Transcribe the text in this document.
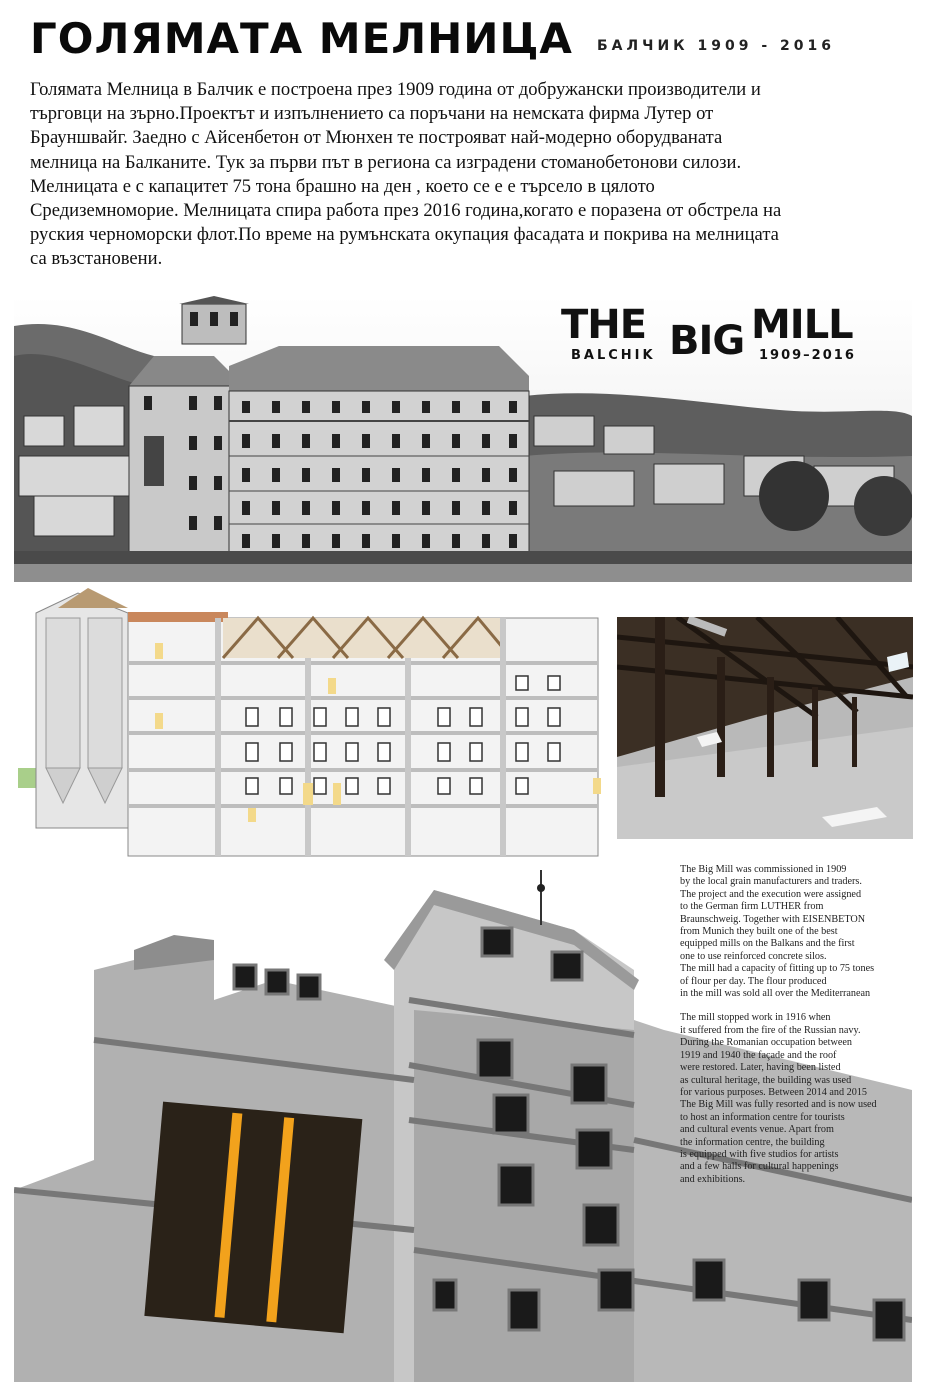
ГОЛЯМАТА МЕЛНИЦА БАЛЧИК 1909 - 2016
Голямата Мелница в Балчик е построена през 1909 година от добружански производители и
търговци на зърно.Проектът и изпълнението са поръчани на немската фирма Лутер от
Брауншвайг. Заедно с Айсенбетон от Мюнхен те построяват най-модерно оборудваната
мелница на Балканите. Тук за първи път в региона са изградени стоманобетонови силози.
Мелницата е с капацитет 75 тона брашно на ден , което се е е търсело в цялото
Средиземноморие. Мелницата спира работа през 2016 година,когато е поразена от обстрела на
руския черноморски флот.По време на румънската окупация фасадата и покрива на мелницата
са възстановени.
THE BIG MILL
BALCHIK	1909–2016
The Big Mill was commissioned in 1909
by the local grain manufacturers and traders.
The project and the execution were assigned
to the German firm LUTHER from
Braunschweig. Together with EISENBETON
from Munich they built one of the best
equipped mills on the Balkans and the first
one to use reinforced concrete silos.
The mill had a capacity of fitting up to 75 tones
of flour per day. The flour produced
in the mill was sold all over the Mediterranean
The mill stopped work in 1916 when
it suffered from the fire of the Russian navy.
During the Romanian occupation between
1919 and 1940 the façade and the roof
were restored. Later, having been listed
as cultural heritage, the building was used
for various purposes. Between 2014 and 2015
The Big Mill was fully resorted and is now used
to host an information centre for tourists
and cultural events venue. Apart from
the information centre, the building
is equipped with five studios for artists
and a few halls for cultural happenings
and exhibitions.
